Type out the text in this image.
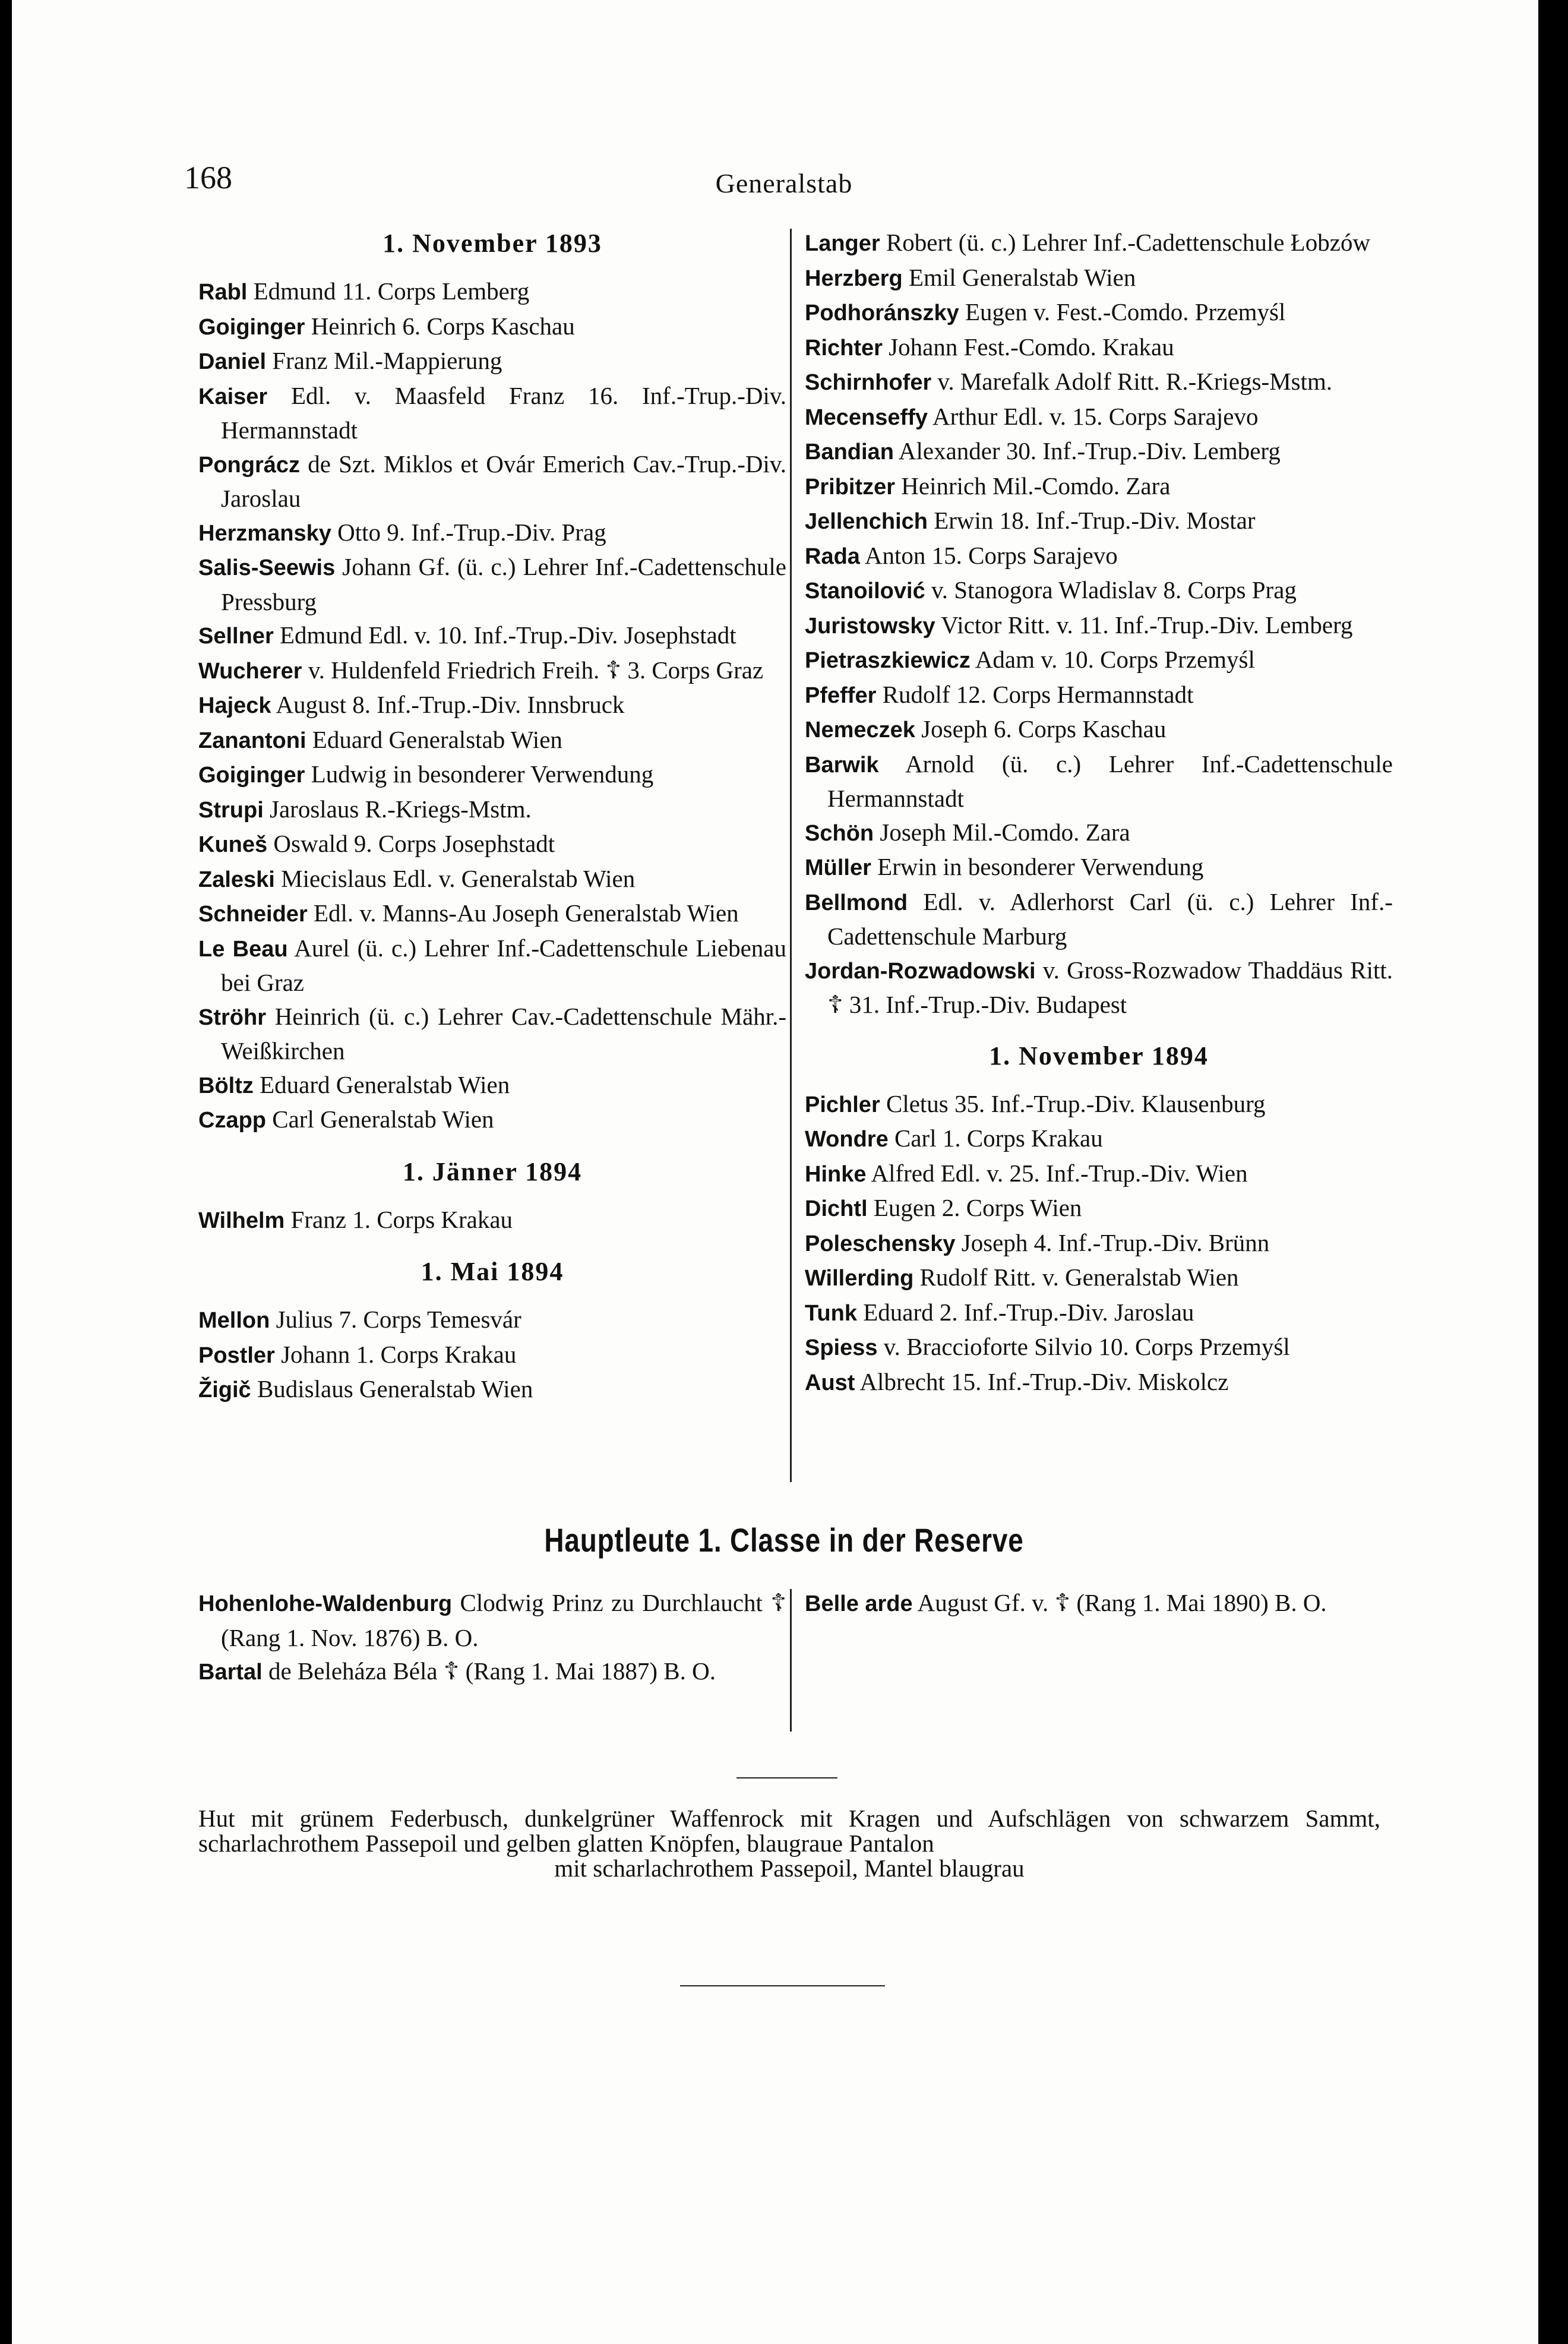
168	Generalstab
1. November 1893
Rabl Edmund 11. Corps Lemberg
Goiginger Heinrich 6. Corps Kaschau
Daniel Franz Mil.-Mappierung
Kaiser Edl. v. Maasfeld Franz 16. Inf.-Trup.-Div. Hermannstadt
Pongrácz de Szt. Miklos et Ovár Emerich Cav.-Trup.-Div. Jaroslau
Herzmansky Otto 9. Inf.-Trup.-Div. Prag
Salis-Seewis Johann Gf. (ü. c.) Lehrer Inf.-Cadettenschule Pressburg
Sellner Edmund Edl. v. 10. Inf.-Trup.-Div. Josephstadt
Wucherer v. Huldenfeld Friedrich Freih. ☦ 3. Corps Graz
Hajeck August 8. Inf.-Trup.-Div. Innsbruck
Zanantoni Eduard Generalstab Wien
Goiginger Ludwig in besonderer Verwendung
Strupi Jaroslaus R.-Kriegs-Mstm.
Kuneš Oswald 9. Corps Josephstadt
Zaleski Miecislaus Edl. v. Generalstab Wien
Schneider Edl. v. Manns-Au Joseph Generalstab Wien
Le Beau Aurel (ü. c.) Lehrer Inf.-Cadettenschule Liebenau bei Graz
Ströhr Heinrich (ü. c.) Lehrer Cav.-Cadettenschule Mähr.-Weißkirchen
Böltz Eduard Generalstab Wien
Czapp Carl Generalstab Wien
1. Jänner 1894
Wilhelm Franz 1. Corps Krakau
1. Mai 1894
Mellon Julius 7. Corps Temesvár
Postler Johann 1. Corps Krakau
Žigič Budislaus Generalstab Wien
Langer Robert (ü. c.) Lehrer Inf.-Cadettenschule Łobzów
Herzberg Emil Generalstab Wien
Podhoránszky Eugen v. Fest.-Comdo. Przemyśl
Richter Johann Fest.-Comdo. Krakau
Schirnhofer v. Marefalk Adolf Ritt. R.-Kriegs-Mstm.
Mecenseffy Arthur Edl. v. 15. Corps Sarajevo
Bandian Alexander 30. Inf.-Trup.-Div. Lemberg
Pribitzer Heinrich Mil.-Comdo. Zara
Jellenchich Erwin 18. Inf.-Trup.-Div. Mostar
Rada Anton 15. Corps Sarajevo
Stanoilović v. Stanogora Wladislav 8. Corps Prag
Juristowsky Victor Ritt. v. 11. Inf.-Trup.-Div. Lemberg
Pietraszkiewicz Adam v. 10. Corps Przemyśl
Pfeffer Rudolf 12. Corps Hermannstadt
Nemeczek Joseph 6. Corps Kaschau
Barwik Arnold (ü. c.) Lehrer Inf.-Cadettenschule Hermannstadt
Schön Joseph Mil.-Comdo. Zara
Müller Erwin in besonderer Verwendung
Bellmond Edl. v. Adlerhorst Carl (ü. c.) Lehrer Inf.-Cadettenschule Marburg
Jordan-Rozwadowski v. Gross-Rozwadow Thaddäus Ritt. ☦ 31. Inf.-Trup.-Div. Budapest
1. November 1894
Pichler Cletus 35. Inf.-Trup.-Div. Klausenburg
Wondre Carl 1. Corps Krakau
Hinke Alfred Edl. v. 25. Inf.-Trup.-Div. Wien
Dichtl Eugen 2. Corps Wien
Poleschensky Joseph 4. Inf.-Trup.-Div. Brünn
Willerding Rudolf Ritt. v. Generalstab Wien
Tunk Eduard 2. Inf.-Trup.-Div. Jaroslau
Spiess v. Braccioforte Silvio 10. Corps Przemyśl
Aust Albrecht 15. Inf.-Trup.-Div. Miskolcz
Hauptleute 1. Classe in der Reserve
Hohenlohe-Waldenburg Clodwig Prinz zu Durchlaucht ☦ (Rang 1. Nov. 1876) B. O.
Bartal de Beleháza Béla ☦ (Rang 1. Mai 1887) B. O.
Belle arde August Gf. v. ☦ (Rang 1. Mai 1890) B. O.
Hut mit grünem Federbusch, dunkelgrüner Waffenrock mit Kragen und Aufschlägen von schwarzem Sammt, scharlachrothem Passepoil und gelben glatten Knöpfen, blaugraue Pantalon
mit scharlachrothem Passepoil, Mantel blaugrau
